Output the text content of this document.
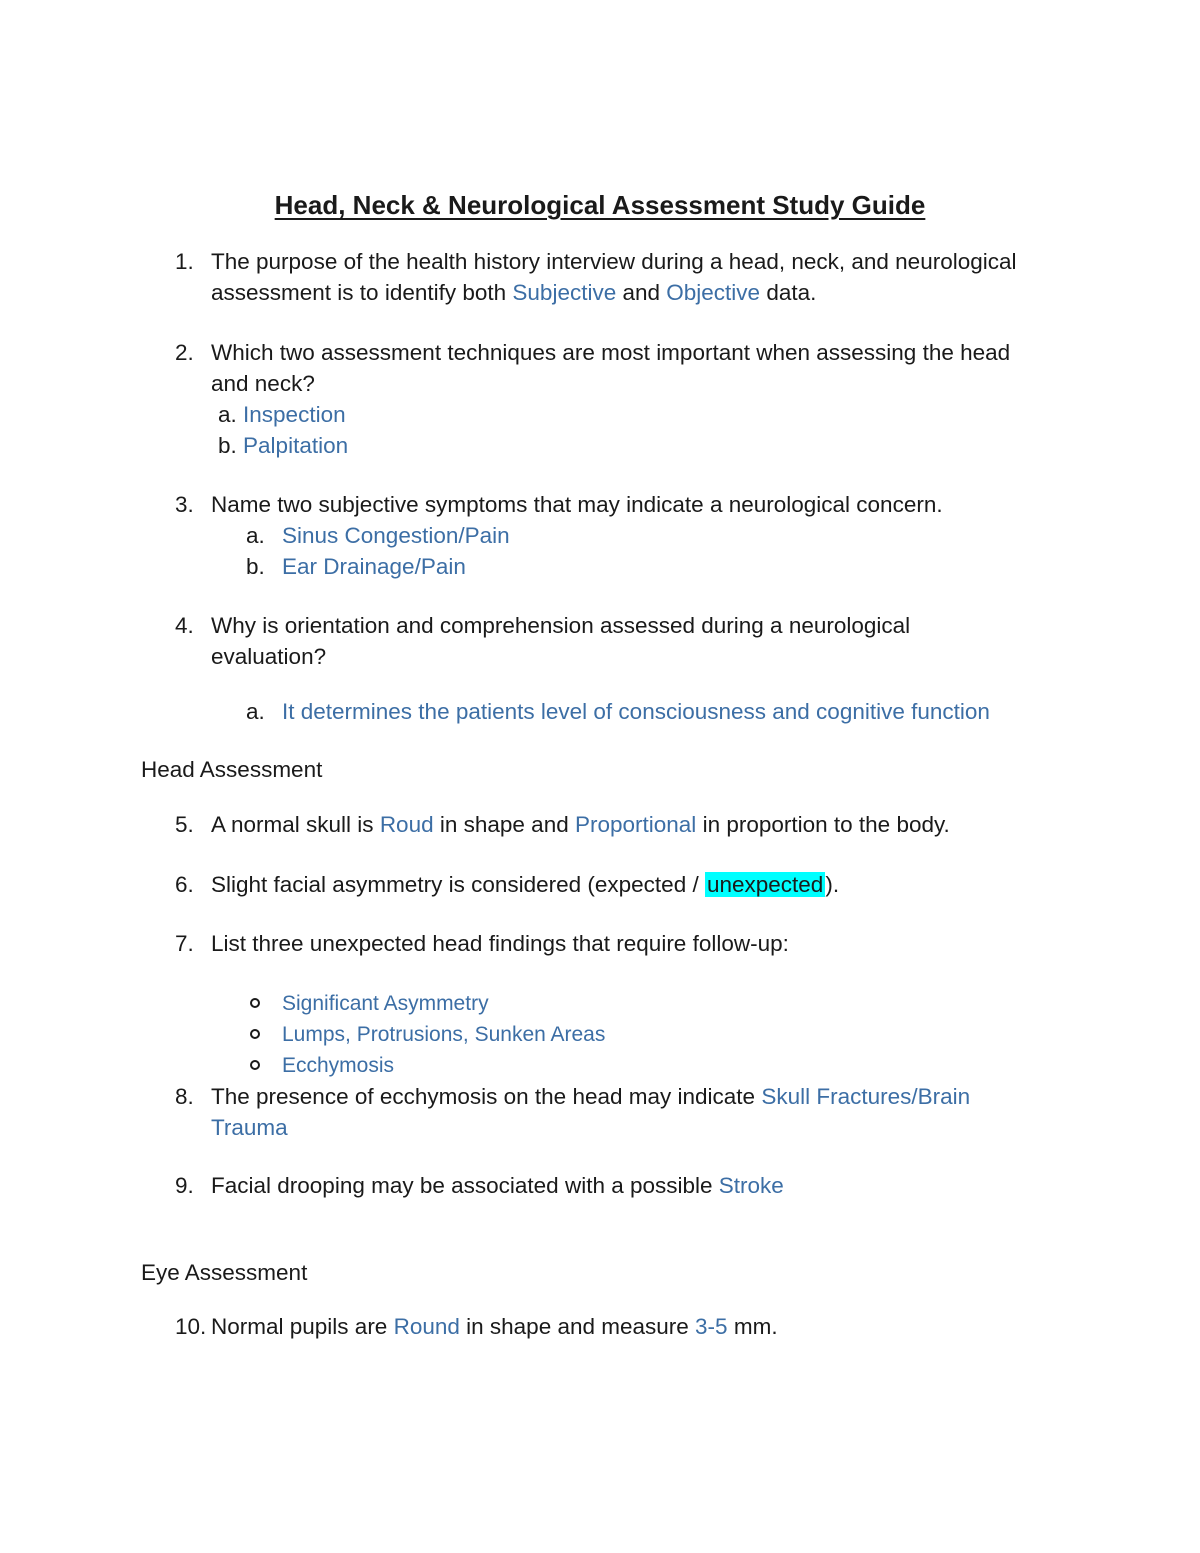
Head, Neck & Neurological Assessment Study Guide
1. The purpose of the health history interview during a head, neck, and neurological
assessment is to identify both Subjective and Objective data.
2. Which two assessment techniques are most important when assessing the head
and neck?
a. Inspection
b. Palpitation
3. Name two subjective symptoms that may indicate a neurological concern.
a. Sinus Congestion/Pain
b. Ear Drainage/Pain
4. Why is orientation and comprehension assessed during a neurological
evaluation?
a. It determines the patients level of consciousness and cognitive function
Head Assessment
5. A normal skull is Roud in shape and Proportional in proportion to the body.
6. Slight facial asymmetry is considered (expected / unexpected).
7. List three unexpected head findings that require follow-up:
Significant Asymmetry
Lumps, Protrusions, Sunken Areas
Ecchymosis
8. The presence of ecchymosis on the head may indicate Skull Fractures/Brain
Trauma
9. Facial drooping may be associated with a possible Stroke
Eye Assessment
10. Normal pupils are Round in shape and measure 3-5 mm.
